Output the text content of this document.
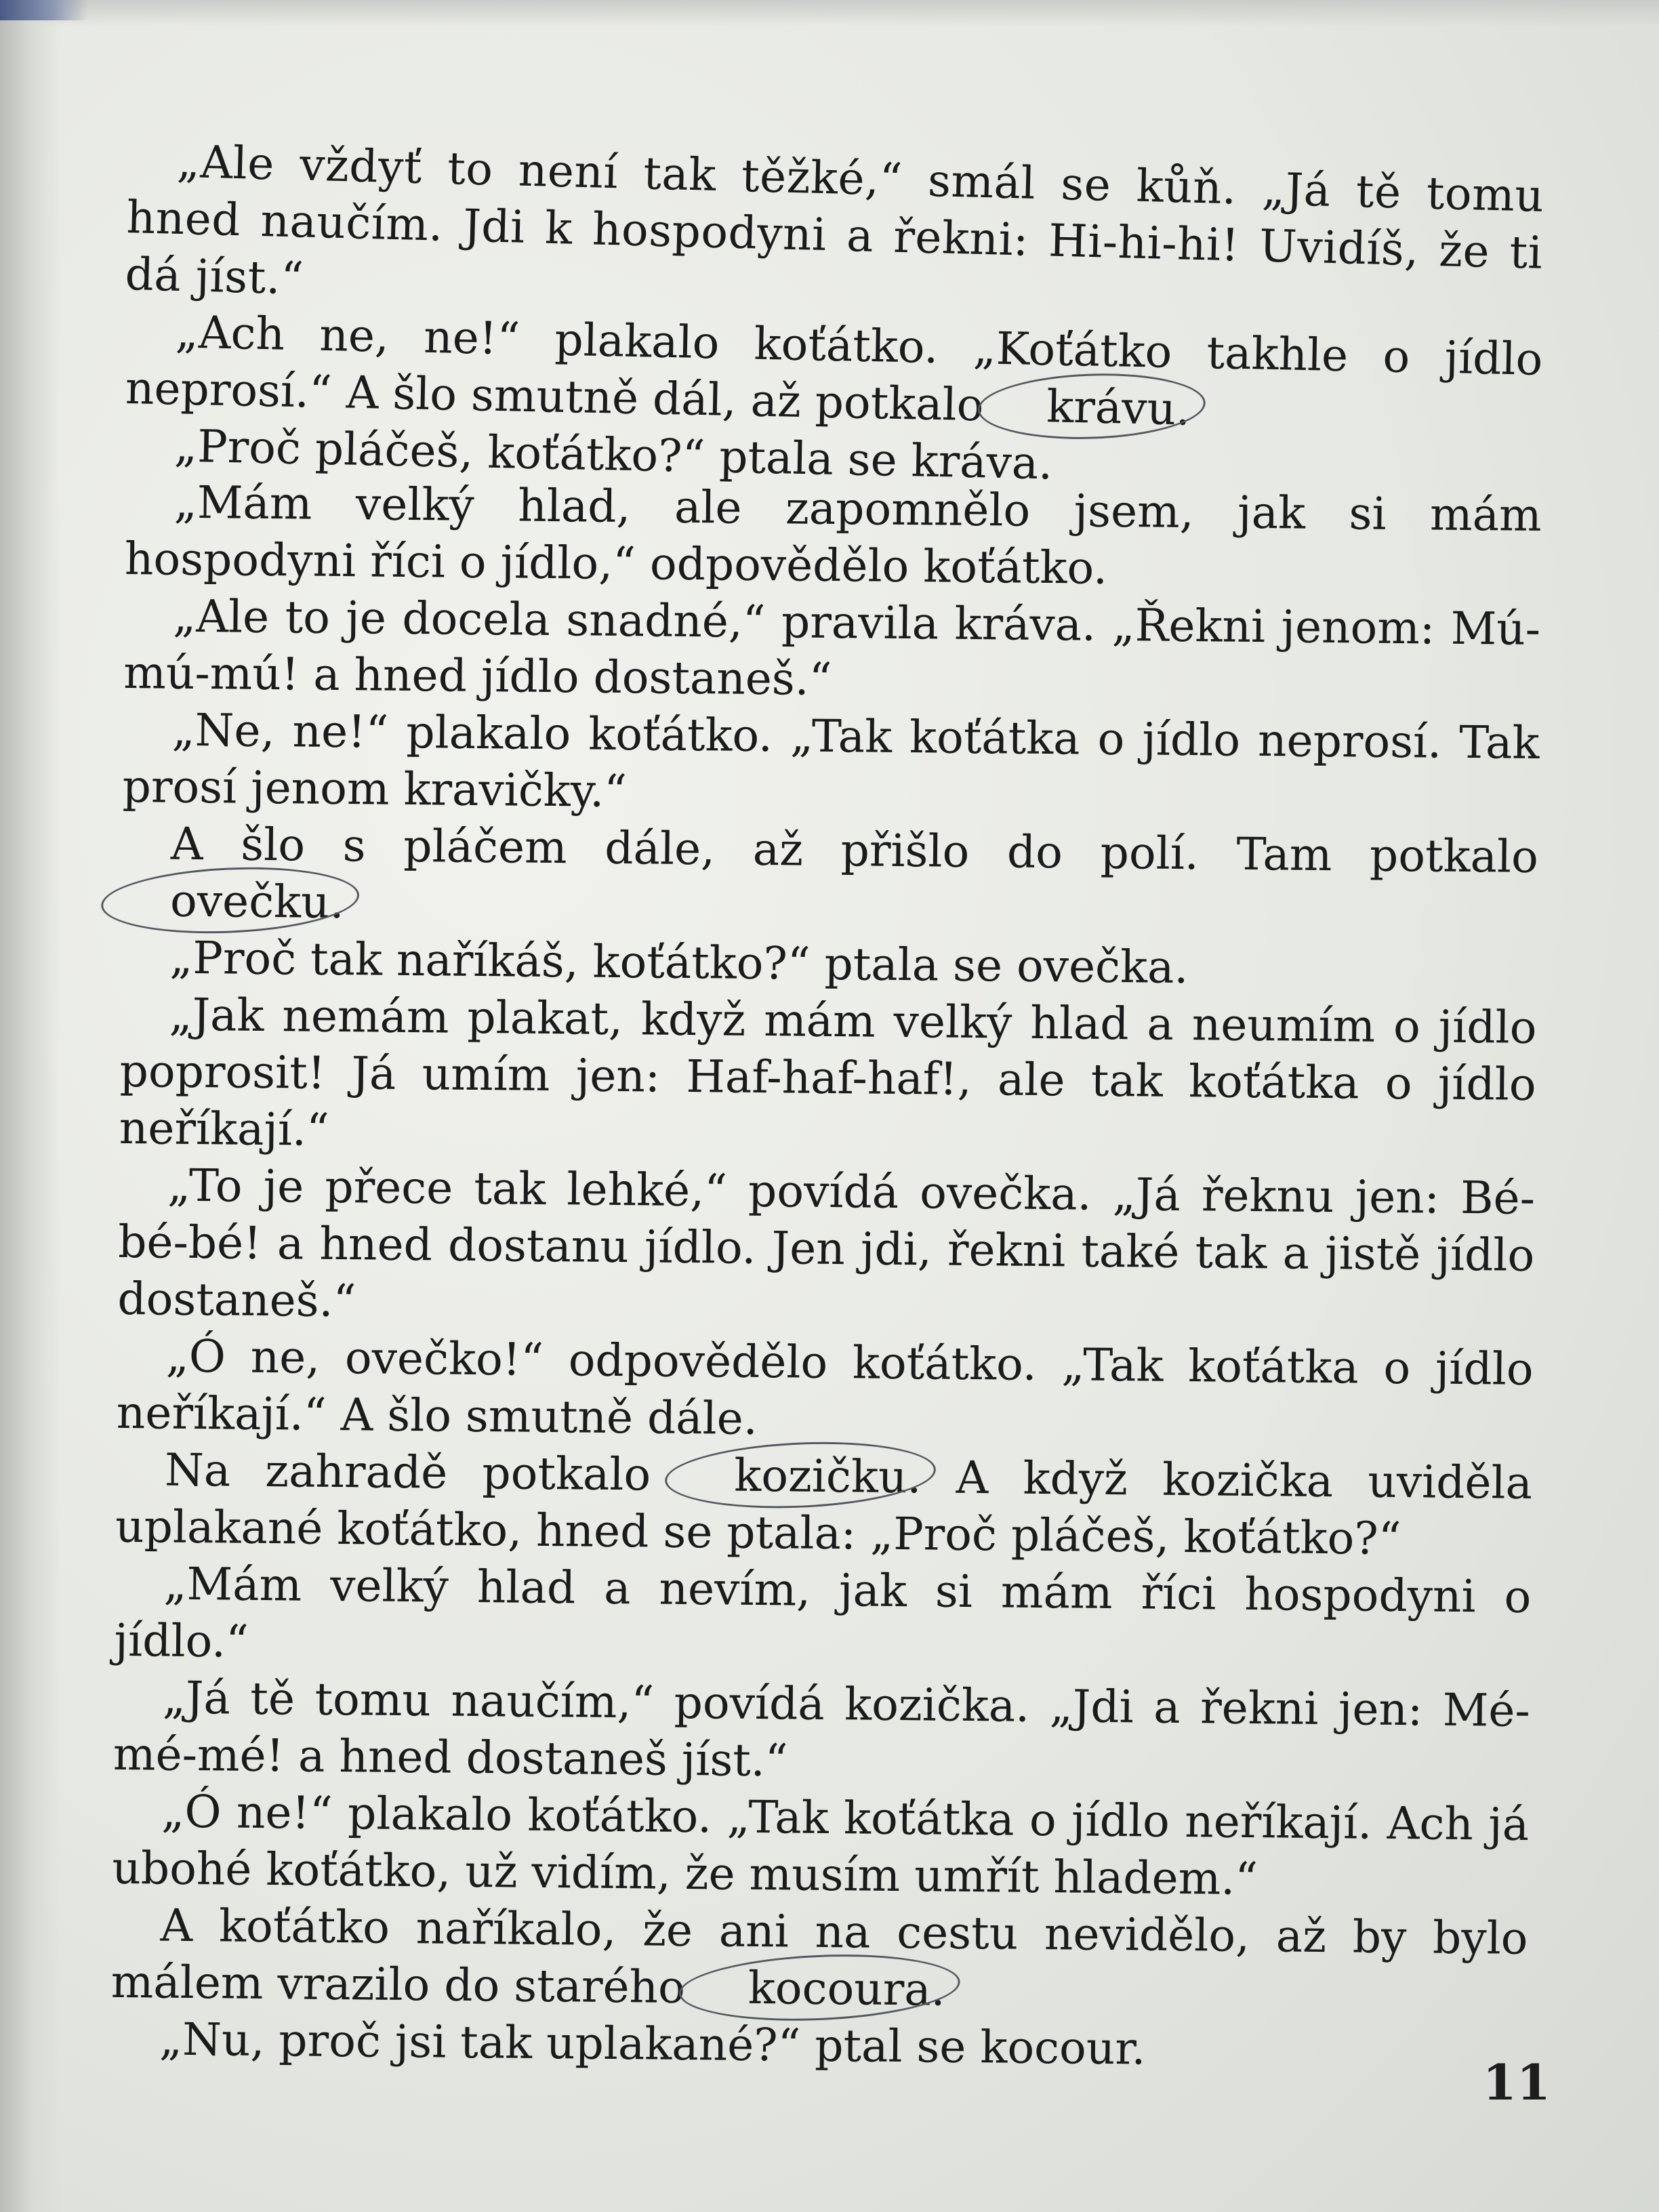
„Ale vždyť to není tak těžké,“ smál se kůň. „Já tě tomu hned naučím. Jdi k hospodyni a řekni: Hi-hi-hi! Uvidíš, že ti dá jíst.“

„Ach ne, ne!“ plakalo koťátko. „Koťátko takhle o jídlo neprosí.“ A šlo smutně dál, až potkalo krávu.

„Proč pláčeš, koťátko?“ ptala se kráva.

„Mám velký hlad, ale zapomnělo jsem, jak si mám hospodyni říci o jídlo,“ odpovědělo koťátko.

„Ale to je docela snadné,“ pravila kráva. „Řekni jenom: Mú-mú-mú! a hned jídlo dostaneš.“

„Ne, ne!“ plakalo koťátko. „Tak koťátka o jídlo neprosí. Tak prosí jenom kravičky.“

A šlo s pláčem dále, až přišlo do polí. Tam potkalo ovečku.

„Proč tak naříkáš, koťátko?“ ptala se ovečka.

„Jak nemám plakat, když mám velký hlad a neumím o jídlo poprosit! Já umím jen: Haf-haf-haf!, ale tak koťátka o jídlo neříkají.“

„To je přece tak lehké,“ povídá ovečka. „Já řeknu jen: Bé-bé-bé! a hned dostanu jídlo. Jen jdi, řekni také tak a jistě jídlo dostaneš.“

„Ó ne, ovečko!“ odpovědělo koťátko. „Tak koťátka o jídlo neříkají.“ A šlo smutně dále.

Na zahradě potkalo kozičku.
A když kozička uviděla uplakané koťátko, hned se ptala: „Proč pláčeš, koťátko?“

„Mám velký hlad a nevím, jak si mám říci hospodyni o jídlo.“

„Já tě tomu naučím,“ povídá kozička. „Jdi a řekni jen: Mé-mé-mé! a hned dostaneš jíst.“

„Ó ne!“ plakalo koťátko. „Tak koťátka o jídlo neříkají. Ach já ubohé koťátko, už vidím, že musím umřít hladem.“

A koťátko naříkalo, že ani na cestu nevidělo, až by bylo málem vrazilo do starého kocoura.

„Nu, proč jsi tak uplakané?“ ptal se kocour.

11
